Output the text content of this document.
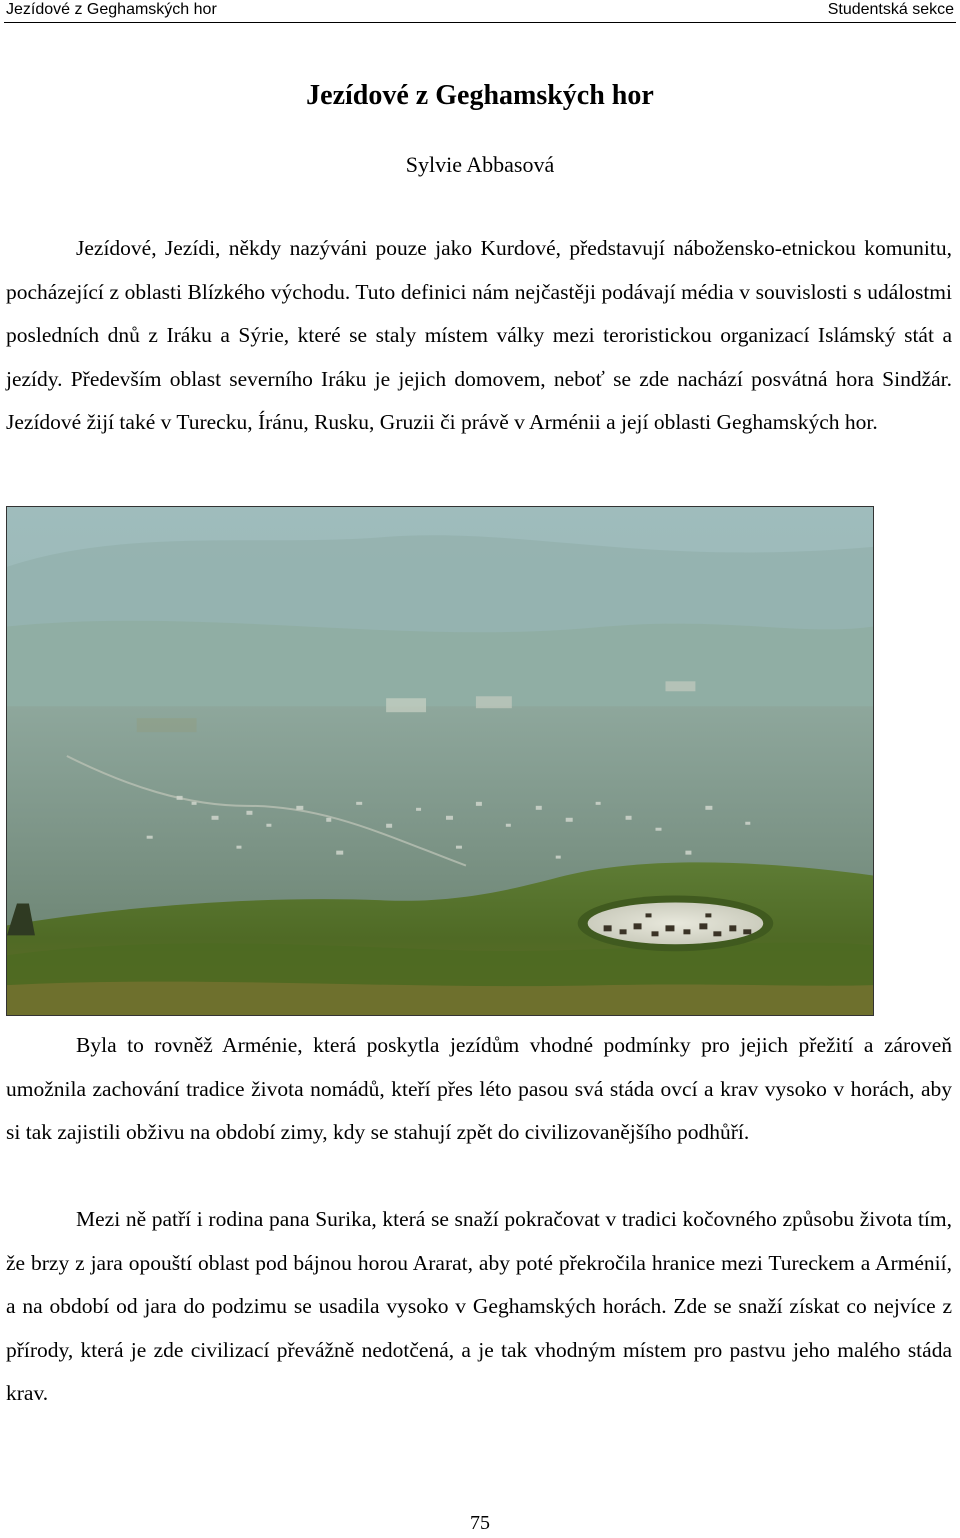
Jezídové z Geghamských hor	Studentská sekce
Jezídové z Geghamských hor
Sylvie Abbasová

Jezídové, Jezídi, někdy nazýváni pouze jako Kurdové, představují nábožensko-etnickou komunitu, pocházející z oblasti Blízkého východu. Tuto definici nám nejčastěji podávají média v souvislosti s událostmi posledních dnů z Iráku a Sýrie, které se staly místem války mezi teroristickou organizací Islámský stát a jezídy. Především oblast severního Iráku je jejich domovem, neboť se zde nachází posvátná hora Sindžár. Jezídové žijí také v Turecku, Íránu, Rusku, Gruzii či právě v Arménii a její oblasti Geghamských hor.

Byla to rovněž Arménie, která poskytla jezídům vhodné podmínky pro jejich přežití a zároveň umožnila zachování tradice života nomádů, kteří přes léto pasou svá stáda ovcí a krav vysoko v horách, aby si tak zajistili obživu na období zimy, kdy se stahují zpět do civilizovanějšího podhůří.

Mezi ně patří i rodina pana Surika, která se snaží pokračovat v tradici kočovného způsobu života tím, že brzy z jara opouští oblast pod bájnou horou Ararat, aby poté překročila hranice mezi Tureckem a Arménií, a na období od jara do podzimu se usadila vysoko v Geghamských horách. Zde se snaží získat co nejvíce z přírody, která je zde civilizací převážně nedotčená, a je tak vhodným místem pro pastvu jeho malého stáda krav.

75
